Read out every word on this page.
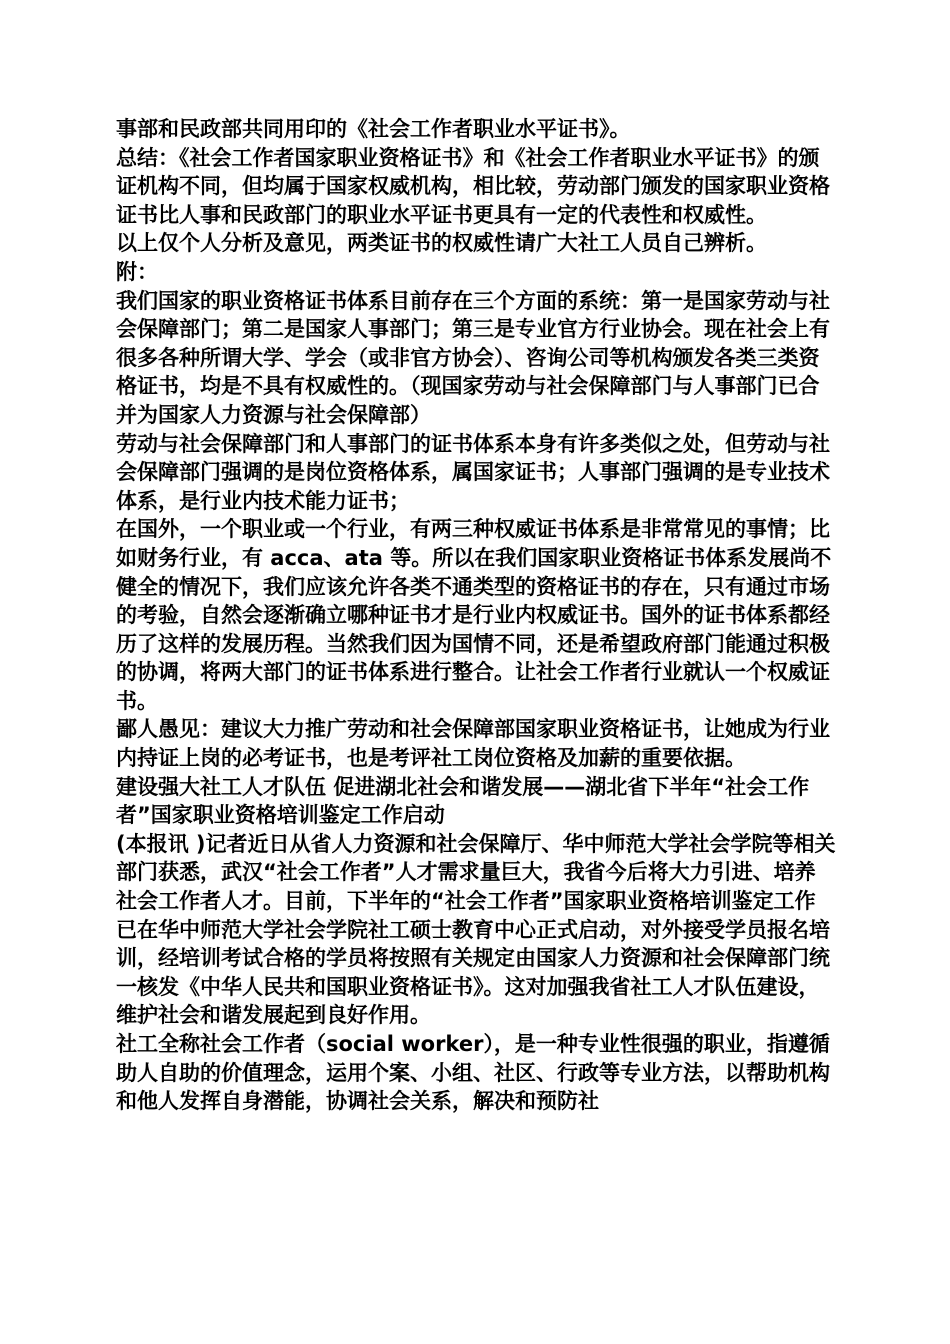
事部和民政部共同用印的《社会工作者职业水平证书》。

总结：《社会工作者国家职业资格证书》和《社会工作者职业水平证书》的颁证机构不同，但均属于国家权威机构，相比较，劳动部门颁发的国家职业资格证书比人事和民政部门的职业水平证书更具有一定的代表性和权威性。

以上仅个人分析及意见，两类证书的权威性请广大社工人员自己辨析。

附：

我们国家的职业资格证书体系目前存在三个方面的系统：第一是国家劳动与社会保障部门；第二是国家人事部门；第三是专业官方行业协会。现在社会上有很多各种所谓大学、学会（或非官方协会）、咨询公司等机构颁发各类三类资格证书，均是不具有权威性的。（现国家劳动与社会保障部门与人事部门已合并为国家人力资源与社会保障部）

劳动与社会保障部门和人事部门的证书体系本身有许多类似之处，但劳动与社会保障部门强调的是岗位资格体系，属国家证书；人事部门强调的是专业技术体系，是行业内技术能力证书；

在国外，一个职业或一个行业，有两三种权威证书体系是非常常见的事情；比如财务行业，有 acca、ata 等。所以在我们国家职业资格证书体系发展尚不健全的情况下，我们应该允许各类不通类型的资格证书的存在，只有通过市场的考验，自然会逐渐确立哪种证书才是行业内权威证书。国外的证书体系都经历了这样的发展历程。当然我们因为国情不同，还是希望政府部门能通过积极的协调，将两大部门的证书体系进行整合。让社会工作者行业就认一个权威证书。

鄙人愚见：建议大力推广劳动和社会保障部国家职业资格证书，让她成为行业内持证上岗的必考证书，也是考评社工岗位资格及加薪的重要依据。

建设强大社工人才队伍 促进湖北社会和谐发展——湖北省下半年“社会工作者”国家职业资格培训鉴定工作启动

(本报讯 )记者近日从省人力资源和社会保障厅、华中师范大学社会学院等相关部门获悉，武汉“社会工作者”人才需求量巨大，我省今后将大力引进、培养社会工作者人才。目前，下半年的“社会工作者”国家职业资格培训鉴定工作已在华中师范大学社会学院社工硕士教育中心正式启动，对外接受学员报名培训，经培训考试合格的学员将按照有关规定由国家人力资源和社会保障部门统一核发《中华人民共和国职业资格证书》。这对加强我省社工人才队伍建设，维护社会和谐发展起到良好作用。

社工全称社会工作者（social worker），是一种专业性很强的职业，指遵循助人自助的价值理念，运用个案、小组、社区、行政等专业方法，以帮助机构和他人发挥自身潜能，协调社会关系，解决和预防社
